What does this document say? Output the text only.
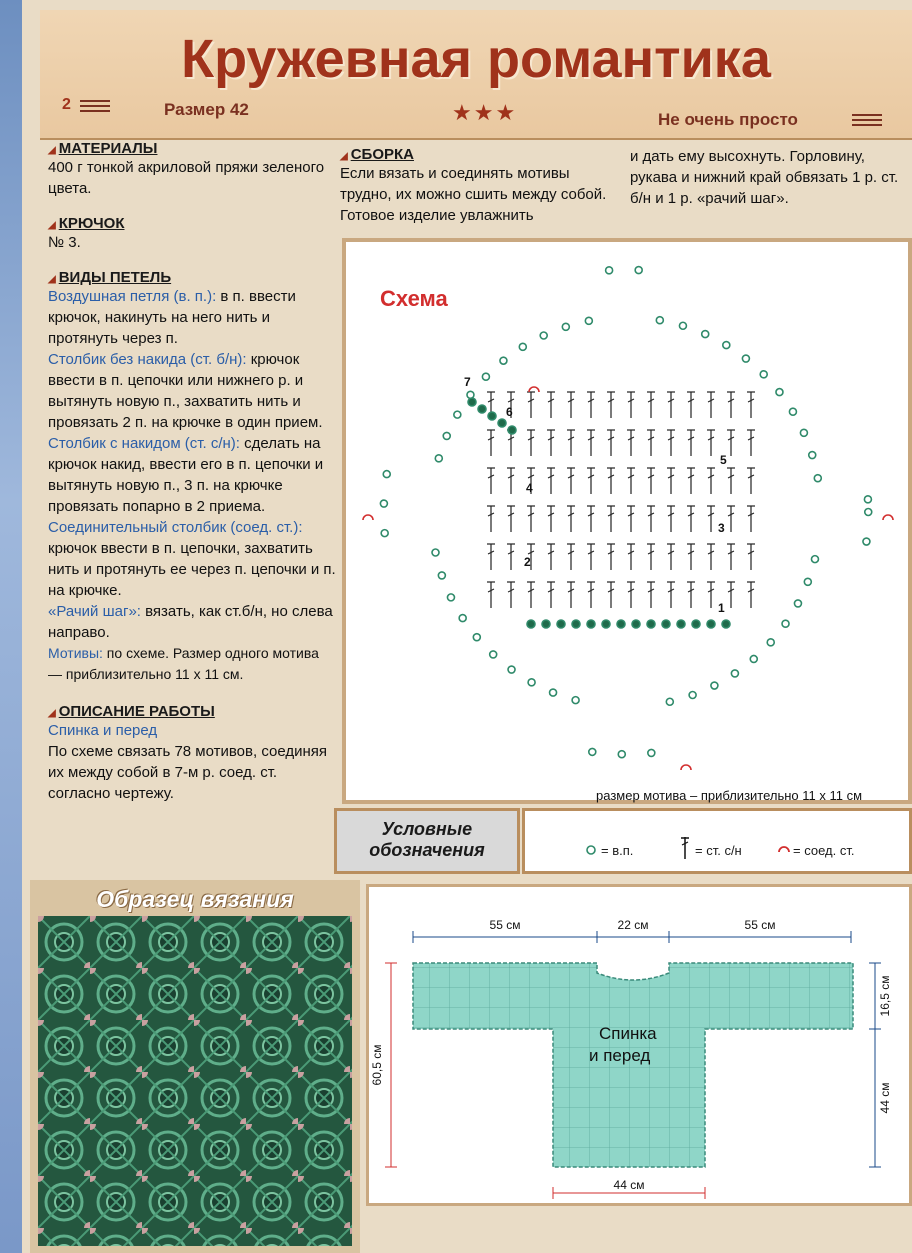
Кружевная романтика
2	Размер 42	★★★	Не очень просто
◢ МАТЕРИАЛЫ

400 г тонкой акриловой пряжи зеленого цвета.

◢ КРЮЧОК

№ 3.

◢ ВИДЫ ПЕТЕЛЬ

Воздушная петля (в. п.): в п. ввести крючок, накинуть на него нить и протянуть через п.

Столбик без накида (ст. б/н): крючок ввести в п. цепочки или нижнего р. и вытянуть новую п., захватить нить и провязать 2 п. на крючке в один прием.

Столбик с накидом (ст. с/н): сделать на крючок накид, ввести его в п. цепочки и вытянуть новую п., 3 п. на крючке провязать попарно в 2 приема.

Соединительный столбик (соед. ст.): крючок ввести в п. цепочки, захватить нить и протянуть ее через п. цепочки и п. на крючке.

«Рачий шаг»: вязать, как ст.б/н, но слева направо.

Мотивы: по схеме. Размер одного мотива — приблизительно 11 х 11 см.

◢ ОПИСАНИЕ РАБОТЫ

Спинка и перед

По схеме связать 78 мотивов, соединяя их между собой в 7-м р. соед. ст. согласно чертежу.

◢ СБОРКА

Если вязать и соединять мотивы трудно, их можно сшить между собой. Готовое изделие увлажнить

и дать ему высохнуть. Горловину, рукава и нижний край обвязать 1 р. ст. б/н и 1 р. «рачий шаг».

Схема
1
2
3
4
5
6
7
размер мотива – приблизительно 11 х 11 см
Условные
обозначения	= в.п.	= ст. с/н	= соед. ст.
Образец вязания
55 см	22 см	55 см
Спинка
и перед
60,5 см
16,5 см
44 см
44 см
